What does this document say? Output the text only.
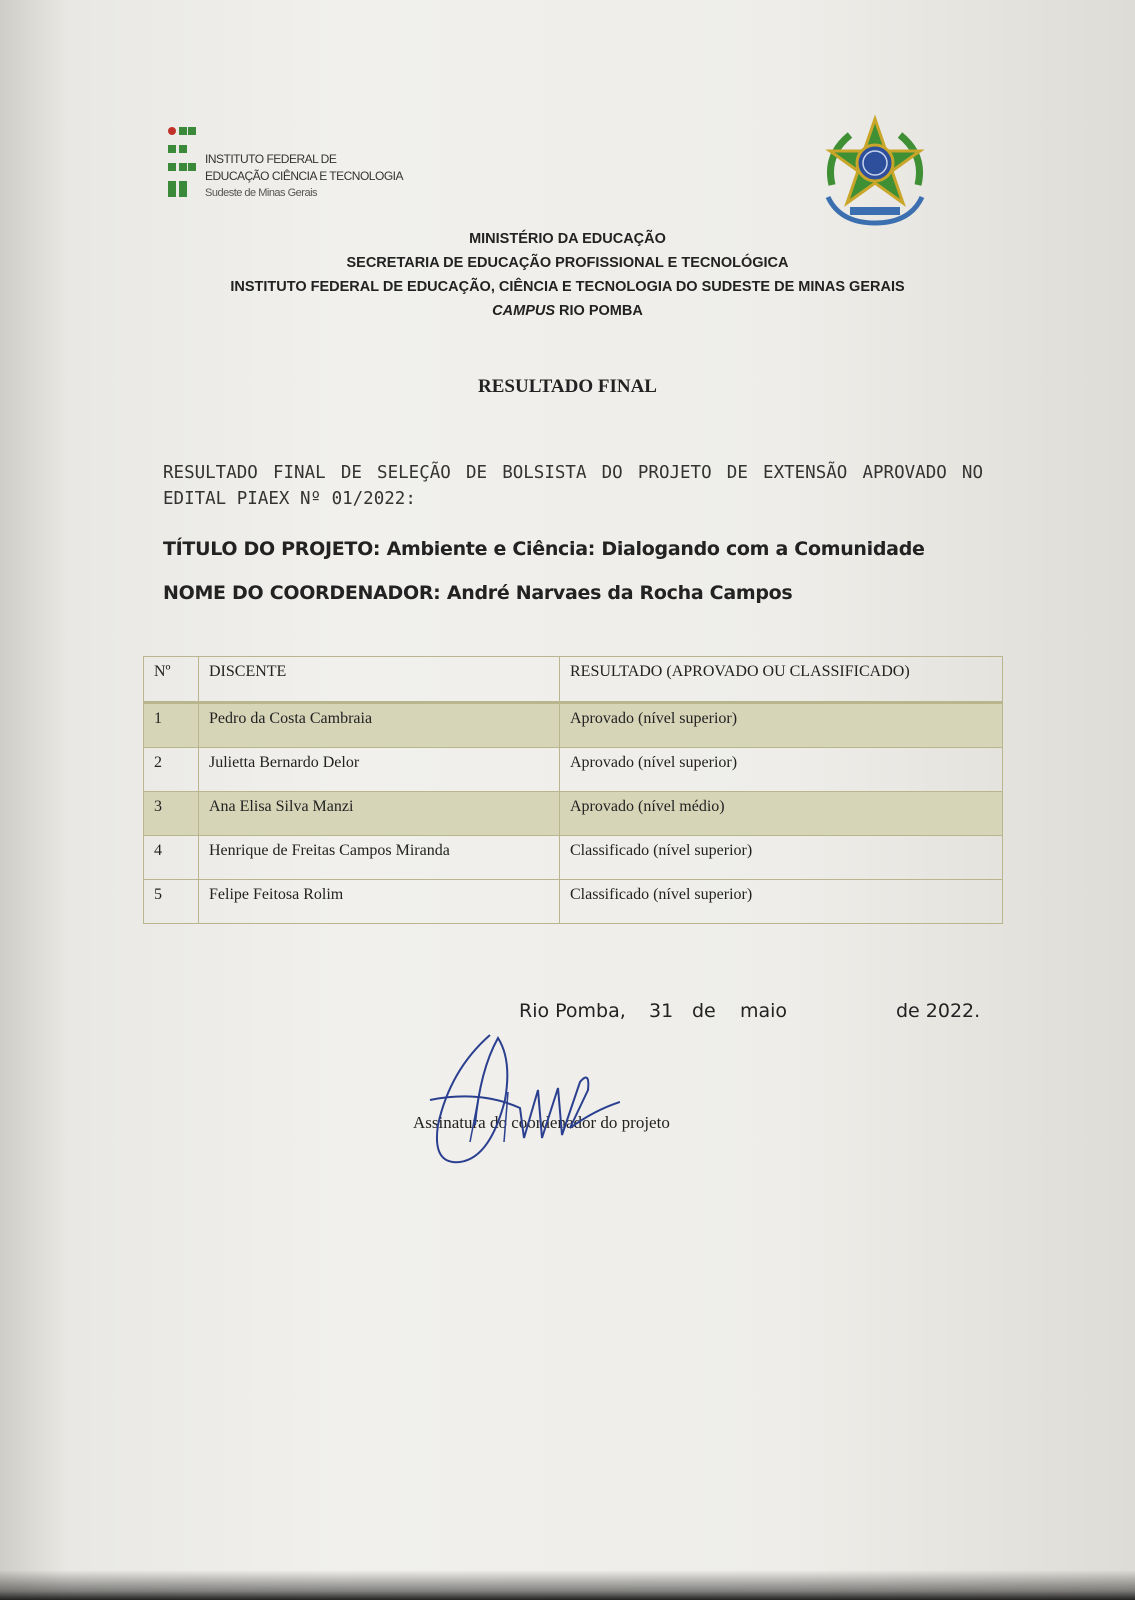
INSTITUTO FEDERAL DE
EDUCAÇÃO CIÊNCIA E TECNOLOGIA
Sudeste de Minas Gerais
MINISTÉRIO DA EDUCAÇÃO
SECRETARIA DE EDUCAÇÃO PROFISSIONAL E TECNOLÓGICA
INSTITUTO FEDERAL DE EDUCAÇÃO, CIÊNCIA E TECNOLOGIA DO SUDESTE DE MINAS GERAIS
CAMPUS RIO POMBA
RESULTADO FINAL
RESULTADO FINAL DE SELEÇÃO DE BOLSISTA DO PROJETO DE EXTENSÃO APROVADO NO EDITAL PIAEX Nº 01/2022:
TÍTULO DO PROJETO: Ambiente e Ciência: Dialogando com a Comunidade
NOME DO COORDENADOR: André Narvaes da Rocha Campos
Nº	DISCENTE	RESULTADO (APROVADO OU CLASSIFICADO)
1	Pedro da Costa Cambraia	Aprovado (nível superior)
2	Julietta Bernardo Delor	Aprovado (nível superior)
3	Ana Elisa Silva Manzi	Aprovado (nível médio)
4	Henrique de Freitas Campos Miranda	Classificado (nível superior)
5	Felipe Feitosa Rolim	Classificado (nível superior)
Rio Pomba, 31 de maio	de 2022.
Assinatura do coordenador do projeto
